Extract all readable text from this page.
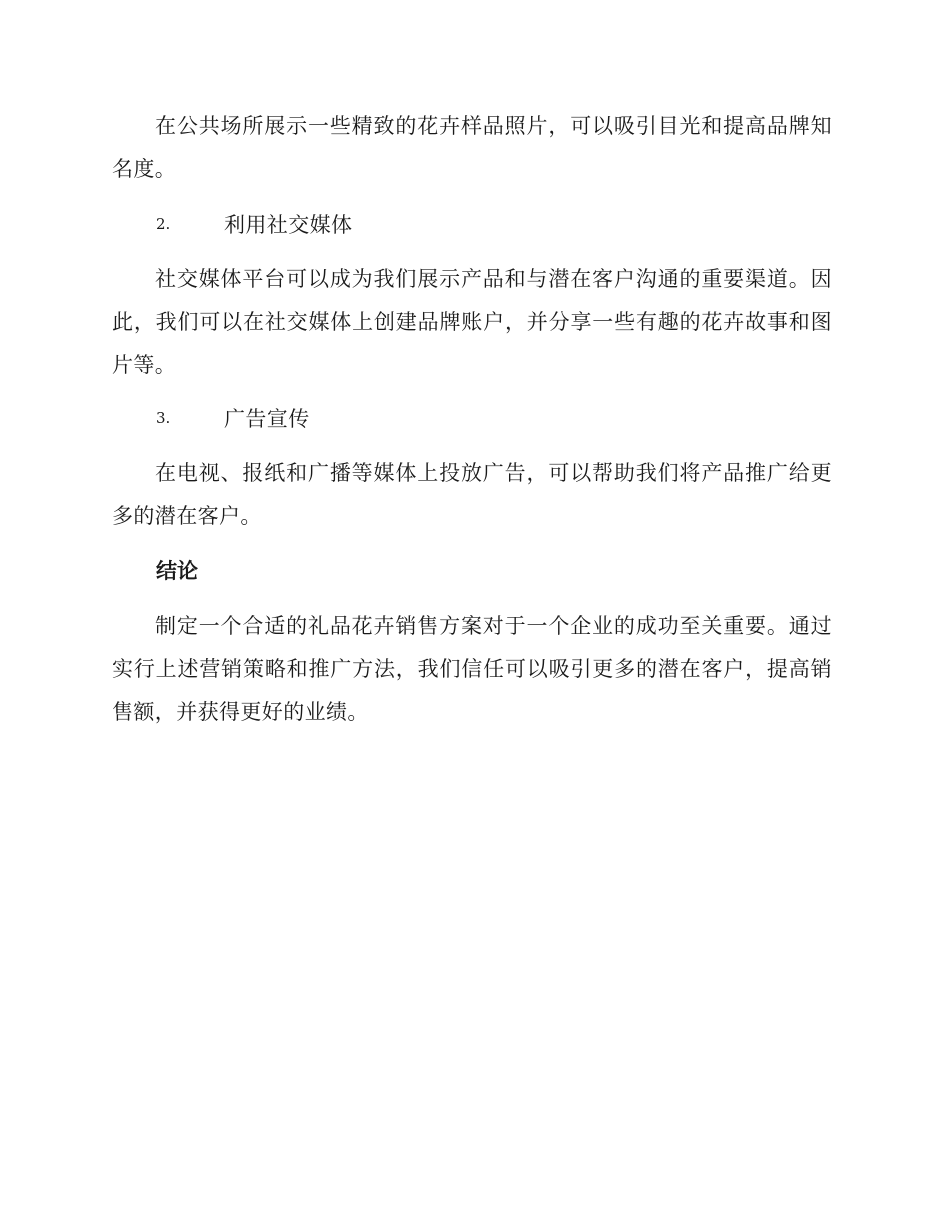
在公共场所展示一些精致的花卉样品照片，可以吸引目光和提高品牌知名度。

2.	利用社交媒体

社交媒体平台可以成为我们展示产品和与潜在客户沟通的重要渠道。因此，我们可以在社交媒体上创建品牌账户，并分享一些有趣的花卉故事和图片等。

3.	广告宣传

在电视、报纸和广播等媒体上投放广告，可以帮助我们将产品推广给更多的潜在客户。

结论

制定一个合适的礼品花卉销售方案对于一个企业的成功至关重要。通过实行上述营销策略和推广方法，我们信任可以吸引更多的潜在客户，提高销售额，并获得更好的业绩。
